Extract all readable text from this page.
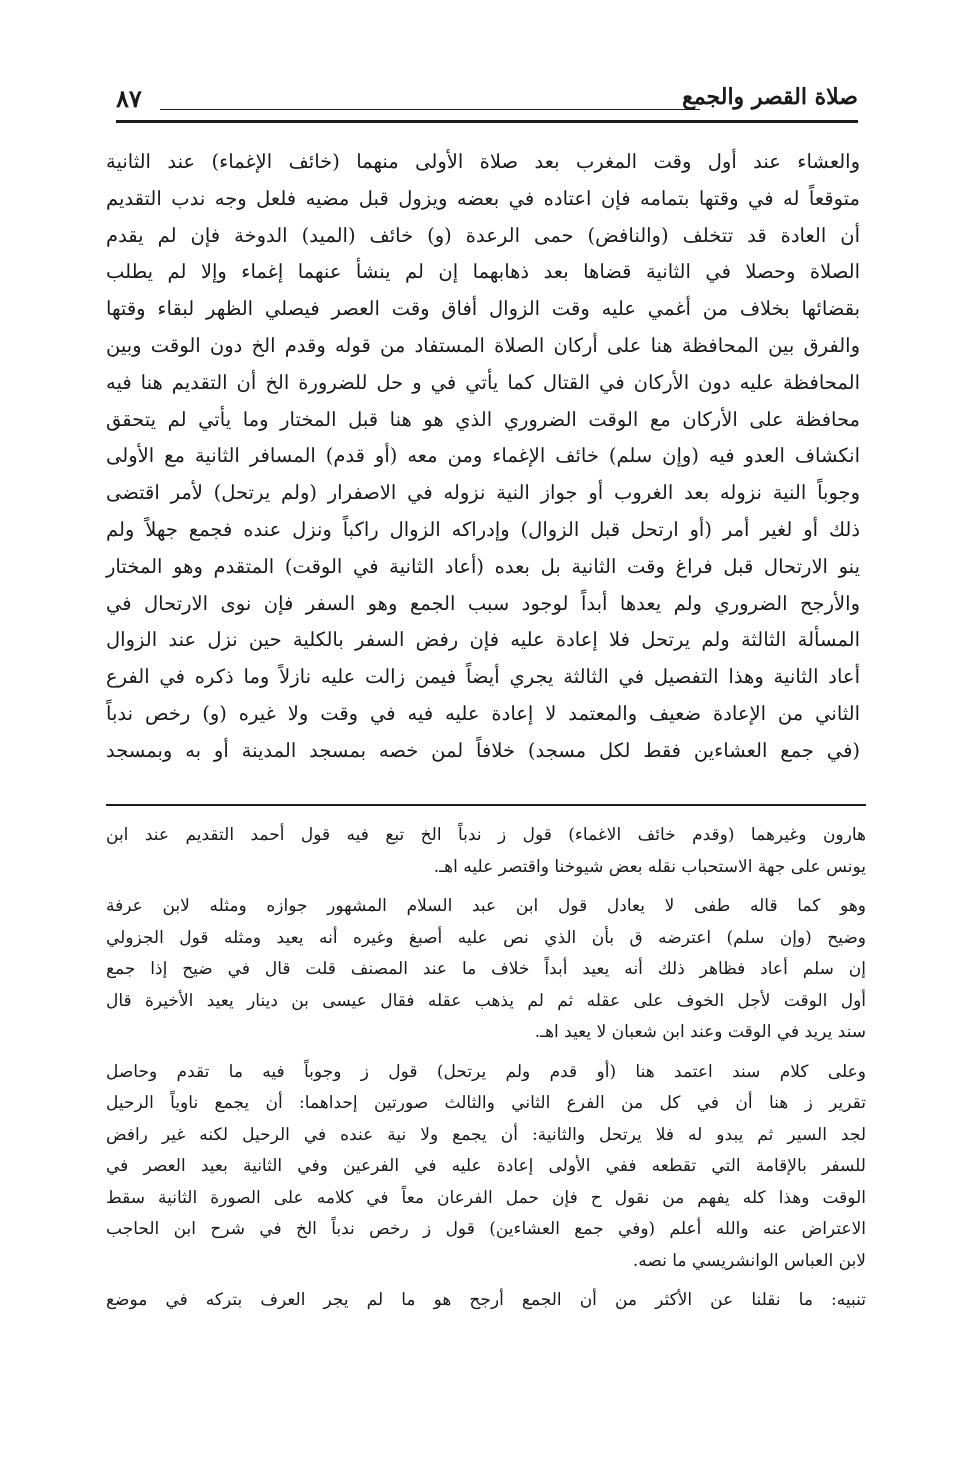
صلاة القصر والجمع
٨٧

والعشاء عند أول وقت المغرب بعد صلاة الأولى منهما (خائف الإغماء) عند الثانية

متوقعاً له في وقتها بتمامه فإن اعتاده في بعضه ويزول قبل مضيه فلعل وجه ندب التقديم

أن العادة قد تتخلف (والنافض) حمى الرعدة (و) خائف (الميد) الدوخة فإن لم يقدم

الصلاة وحصلا في الثانية قضاها بعد ذهابهما إن لم ينشأ عنهما إغماء وإلا لم يطلب

بقضائها بخلاف من أغمي عليه وقت الزوال أفاق وقت العصر فيصلي الظهر لبقاء وقتها

والفرق بين المحافظة هنا على أركان الصلاة المستفاد من قوله وقدم الخ دون الوقت وبين

المحافظة عليه دون الأركان في القتال كما يأتي في و حل للضرورة الخ أن التقديم هنا فيه

محافظة على الأركان مع الوقت الضروري الذي هو هنا قبل المختار وما يأتي لم يتحقق

انكشاف العدو فيه (وإن سلم) خائف الإغماء ومن معه (أو قدم) المسافر الثانية مع الأولى

وجوباً النية نزوله بعد الغروب أو جواز النية نزوله في الاصفرار (ولم يرتحل) لأمر اقتضى

ذلك أو لغير أمر (أو ارتحل قبل الزوال) وإدراكه الزوال راكباً ونزل عنده فجمع جهلاً ولم

ينو الارتحال قبل فراغ وقت الثانية بل بعده (أعاد الثانية في الوقت) المتقدم وهو المختار

والأرجح الضروري ولم يعدها أبداً لوجود سبب الجمع وهو السفر فإن نوى الارتحال في

المسألة الثالثة ولم يرتحل فلا إعادة عليه فإن رفض السفر بالكلية حين نزل عند الزوال

أعاد الثانية وهذا التفصيل في الثالثة يجري أيضاً فيمن زالت عليه نازلاً وما ذكره في الفرع

الثاني من الإعادة ضعيف والمعتمد لا إعادة عليه فيه في وقت ولا غيره (و) رخص ندباً

(في جمع العشاءين فقط لكل مسجد) خلافاً لمن خصه بمسجد المدينة أو به وبمسجد

هارون وغيرهما (وقدم خائف الاغماء) قول ز ندباً الخ تبع فيه قول أحمد التقديم عند ابن
يونس على جهة الاستحباب نقله بعض شيوخنا واقتصر عليه اهـ.

وهو كما قاله طفى لا يعادل قول ابن عبد السلام المشهور جوازه ومثله لابن عرفة
وضيح (وإن سلم) اعترضه ق بأن الذي نص عليه أصبغ وغيره أنه يعيد ومثله قول الجزولي
إن سلم أعاد فظاهر ذلك أنه يعيد أبداً خلاف ما عند المصنف قلت قال في ضيح إذا جمع
أول الوقت لأجل الخوف على عقله ثم لم يذهب عقله فقال عيسى بن دينار يعيد الأخيرة قال
سند يريد في الوقت وعند ابن شعبان لا يعيد اهـ.

وعلى كلام سند اعتمد هنا (أو قدم ولم يرتحل) قول ز وجوباً فيه ما تقدم وحاصل
تقرير ز هنا أن في كل من الفرع الثاني والثالث صورتين إحداهما: أن يجمع ناوياً الرحيل
لجد السير ثم يبدو له فلا يرتحل والثانية: أن يجمع ولا نية عنده في الرحيل لكنه غير رافض
للسفر بالإقامة التي تقطعه ففي الأولى إعادة عليه في الفرعين وفي الثانية بعيد العصر في
الوقت وهذا كله يفهم من نقول ح فإن حمل الفرعان معاً في كلامه على الصورة الثانية سقط
الاعتراض عنه والله أعلم (وفي جمع العشاءين) قول ز رخص ندباً الخ في شرح ابن الحاجب
لابن العباس الوانشريسي ما نصه.

تنبيه: ما نقلنا عن الأكثر من أن الجمع أرجح هو ما لم يجر العرف بتركه في موضع
